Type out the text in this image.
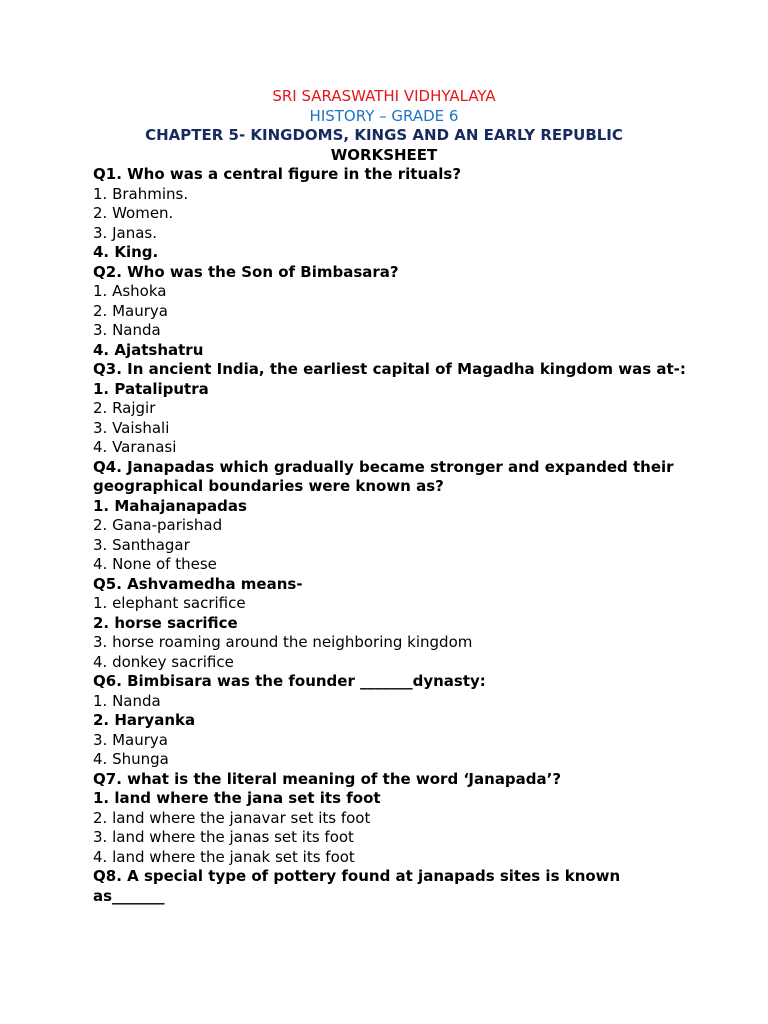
SRI SARASWATHI VIDHYALAYA
HISTORY – GRADE 6
CHAPTER 5- KINGDOMS, KINGS AND AN EARLY REPUBLIC
WORKSHEET
Q1. Who was a central figure in the rituals?
1. Brahmins.
2. Women.
3. Janas.
4. King.
Q2. Who was the Son of Bimbasara?
1. Ashoka
2. Maurya
3. Nanda
4. Ajatshatru
Q3. In ancient India, the earliest capital of Magadha kingdom was at-:
1. Pataliputra
2. Rajgir
3. Vaishali
4. Varanasi
Q4. Janapadas which gradually became stronger and expanded their geographical boundaries were known as?
1. Mahajanapadas
2. Gana-parishad
3. Santhagar
4. None of these
Q5. Ashvamedha means-
1. elephant sacrifice
2. horse sacrifice
3. horse roaming around the neighboring kingdom
4. donkey sacrifice
Q6. Bimbisara was the founder _______dynasty:
1. Nanda
2. Haryanka
3. Maurya
4. Shunga
Q7. what is the literal meaning of the word ‘Janapada’?
1. land where the jana set its foot
2. land where the janavar set its foot
3. land where the janas set its foot
4. land where the janak set its foot
Q8. A special type of pottery found at janapads sites is known as_______
